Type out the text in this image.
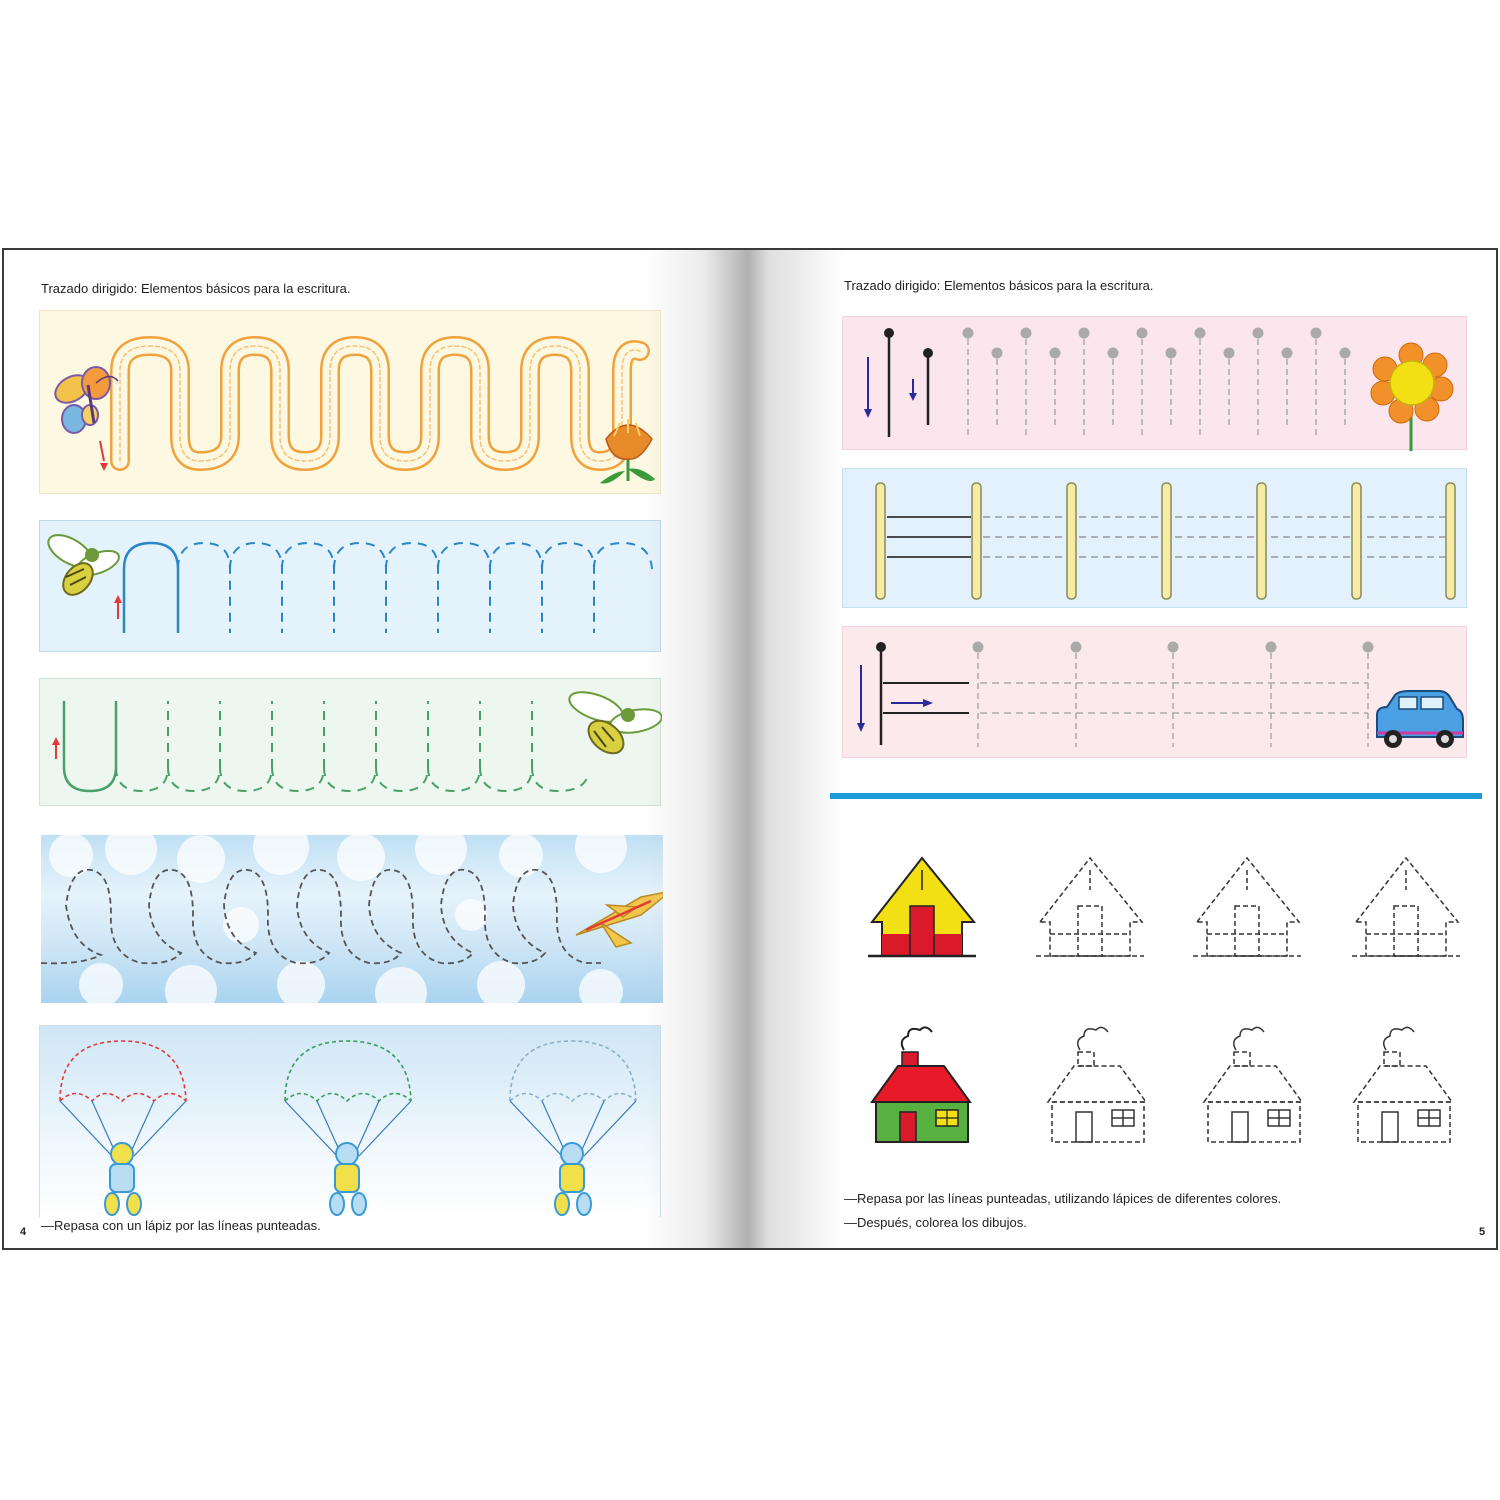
Trazado dirigido: Elementos básicos para la escritura.
4 —Repasa con un lápiz por las líneas punteadas.
Trazado dirigido: Elementos básicos para la escritura.
—Repasa por las líneas punteadas, utilizando lápices de diferentes colores.
—Después, colorea los dibujos.
5
